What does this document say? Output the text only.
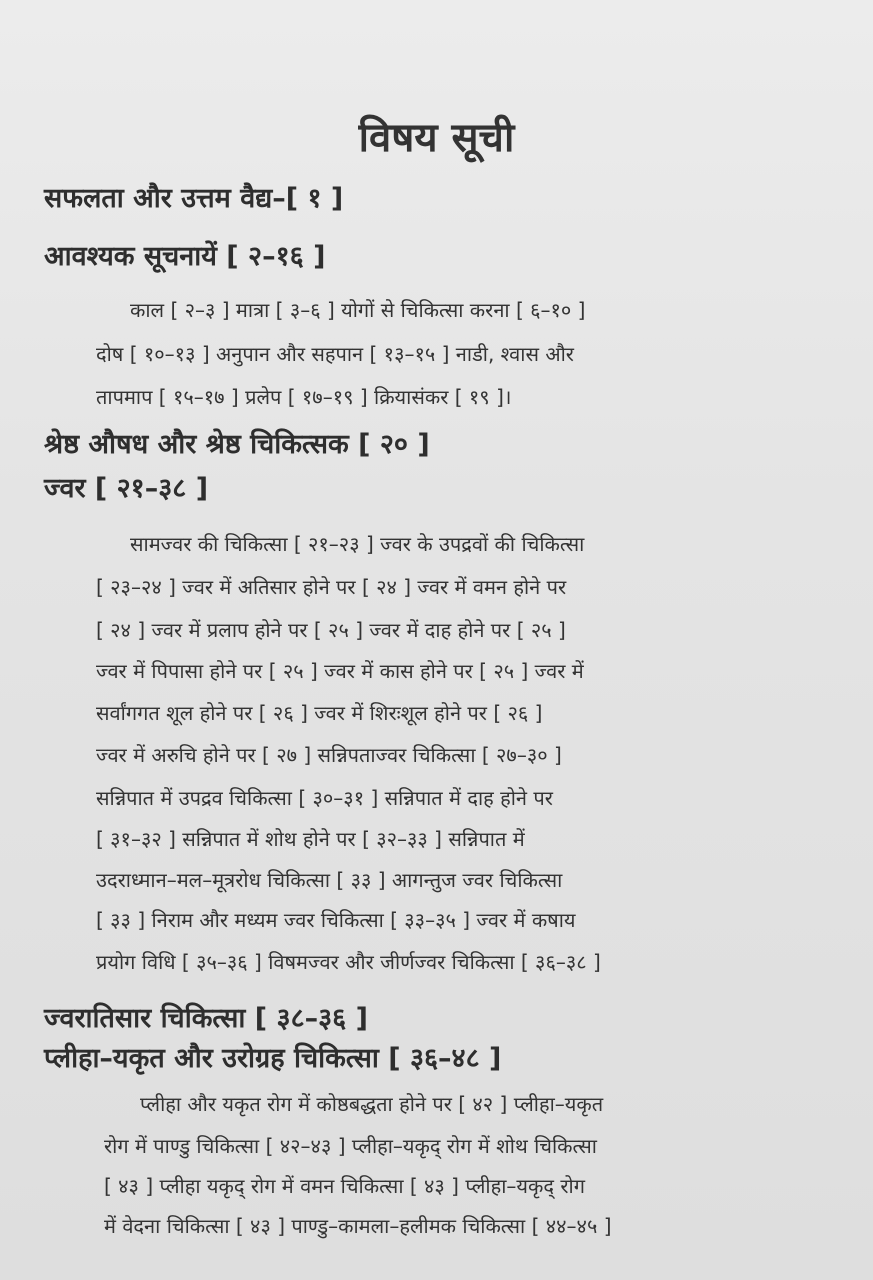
विषय सूची
सफलता और उत्तम वैद्य–[ १ ]
आवश्यक सूचनायें [ २–१६ ]
काल [ २–३ ] मात्रा [ ३–६ ] योगों से चिकित्सा करना [ ६–१० ]
दोष [ १०–१३ ] अनुपान और सहपान [ १३–१५ ] नाडी, श्वास और
तापमाप [ १५–१७ ] प्रलेप [ १७–१९ ] क्रियासंकर [ १९ ]।
श्रेष्ठ औषध और श्रेष्ठ चिकित्सक [ २० ]
ज्वर [ २१–३८ ]
सामज्वर की चिकित्सा [ २१–२३ ] ज्वर के उपद्रवों की चिकित्सा
[ २३–२४ ] ज्वर में अतिसार होने पर [ २४ ] ज्वर में वमन होने पर
[ २४ ] ज्वर में प्रलाप होने पर [ २५ ] ज्वर में दाह होने पर [ २५ ]
ज्वर में पिपासा होने पर [ २५ ] ज्वर में कास होने पर [ २५ ] ज्वर में
सर्वांगगत शूल होने पर [ २६ ] ज्वर में शिरःशूल होने पर [ २६ ]
ज्वर में अरुचि होने पर [ २७ ] सन्निपताज्वर चिकित्सा [ २७–३० ]
सन्निपात में उपद्रव चिकित्सा [ ३०–३१ ] सन्निपात में दाह होने पर
[ ३१–३२ ] सन्निपात में शोथ होने पर [ ३२–३३ ] सन्निपात में
उदराध्मान–मल–मूत्ररोध चिकित्सा [ ३३ ] आगन्तुज ज्वर चिकित्सा
[ ३३ ] निराम और मध्यम ज्वर चिकित्सा [ ३३–३५ ] ज्वर में कषाय
प्रयोग विधि [ ३५–३६ ] विषमज्वर और जीर्णज्वर चिकित्सा [ ३६–३८ ]
ज्वरातिसार चिकित्सा [ ३८–३६ ]
प्लीहा–यकृत और उरोग्रह चिकित्सा [ ३६–४८ ]
प्लीहा और यकृत रोग में कोष्ठबद्धता होने पर [ ४२ ] प्लीहा–यकृत
रोग में पाण्डु चिकित्सा [ ४२–४३ ] प्लीहा–यकृद् रोग में शोथ चिकित्सा
[ ४३ ] प्लीहा यकृद् रोग में वमन चिकित्सा [ ४३ ] प्लीहा–यकृद् रोग
में वेदना चिकित्सा [ ४३ ] पाण्डु–कामला–हलीमक चिकित्सा [ ४४–४५ ]
